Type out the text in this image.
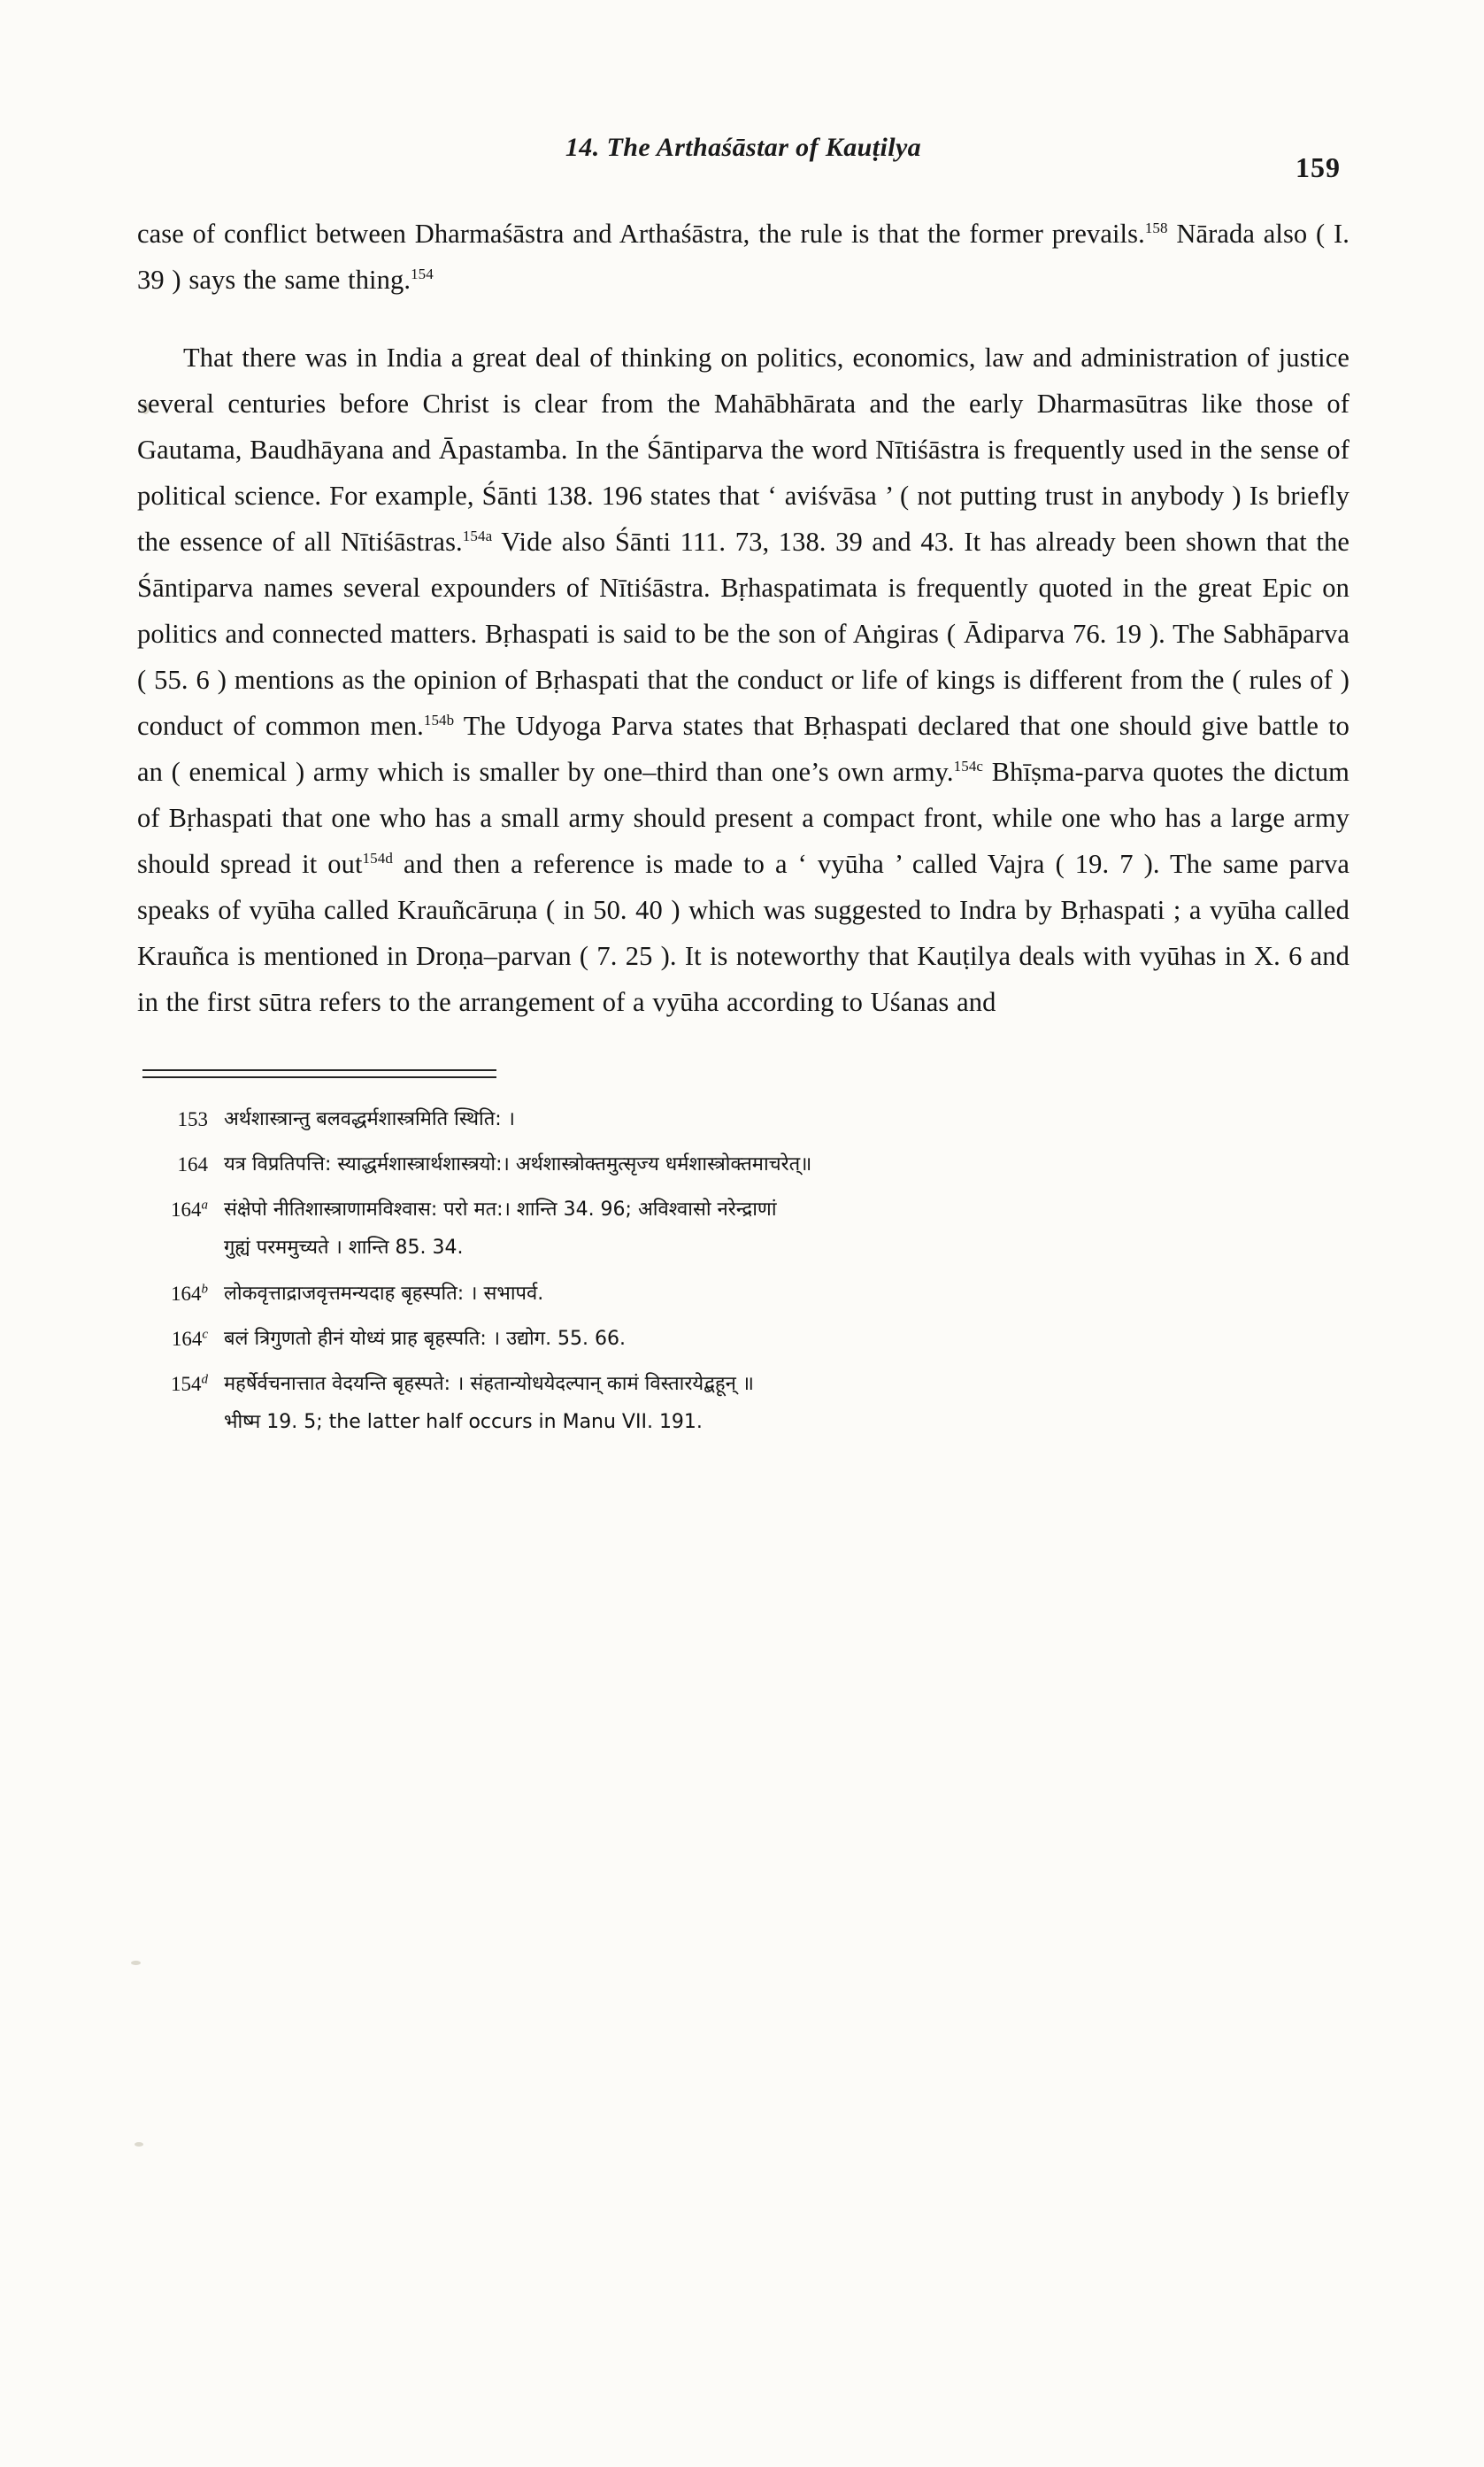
14. The Arthaśāstar of Kauṭilya
159

case of conflict between Dharmaśāstra and Arthaśāstra, the rule is that the former prevails.$^{158}$ Nārada also ( I. 39 ) says the same thing.$^{154}$

That there was in India a great deal of thinking on politics, economics, law and administration of justice several centuries before Christ is clear from the Mahābhārata and the early Dharmasūtras like those of Gautama, Baudhāyana and Āpastamba. In the Śāntiparva the word Nītiśāstra is frequently used in the sense of political science. For example, Śānti 138. 196 states that ‘ aviśvāsa ’ ( not putting trust in anybody ) Is briefly the essence of all Nītiśāstras.$^{154a}$ Vide also Śānti 111. 73, 138. 39 and 43. It has already been shown that the Śāntiparva names several expounders of Nītiśāstra. Bṛhaspatimata is frequently quoted in the great Epic on politics and connected matters. Bṛhaspati is said to be the son of Aṅgiras ( Ādiparva 76. 19 ). The Sabhāparva ( 55. 6 ) mentions as the opinion of Bṛhaspati that the conduct or life of kings is different from the ( rules of ) conduct of common men.$^{154b}$ The Udyoga Parva states that Bṛhaspati declared that one should give battle to an ( enemical ) army which is smaller by one–third than one’s own army.$^{154c}$ Bhīṣma-parva quotes the dictum of Bṛhaspati that one who has a small army should present a compact front, while one who has a large army should spread it out$^{154d}$ and then a reference is made to a ‘ vyūha ’ called Vajra ( 19. 7 ). The same parva speaks of vyūha called Krauñcāruṇa ( in 50. 40 ) which was suggested to Indra by Bṛhaspati ; a vyūha called Krauñca is mentioned in Droṇa–parvan ( 7. 25 ). It is noteworthy that Kauṭilya deals with vyūhas in X. 6 and in the first sūtra refers to the arrangement of a vyūha according to Uśanas and

153 अर्थशास्त्रान्तु बलवद्धर्मशास्त्रमिति स्थिति: ।
164 यत्र विप्रतिपत्ति: स्याद्धर्मशास्त्रार्थशास्त्रयो:। अर्थशास्त्रोक्तमुत्सृज्य धर्मशास्त्रोक्तमाचरेत्॥
164$^a$ संक्षेपो नीतिशास्त्राणामविश्वास: परो मत:। शान्ति 34. 96; अविश्वासो नरेन्द्राणां
गुह्यं परममुच्यते । शान्ति 85. 34.
164$^b$ लोकवृत्ताद्राजवृत्तमन्यदाह बृहस्पति: । सभापर्व.
164$^c$ बलं त्रिगुणतो हीनं योध्यं प्राह बृहस्पति: । उद्योग. 55. 66.
154$^d$ महर्षेर्वचनात्तात वेदयन्ति बृहस्पते: । संहतान्योधयेदल्पान् कामं विस्तारयेद्बहून् ॥
भीष्म 19. 5; the latter half occurs in Manu VII. 191.
